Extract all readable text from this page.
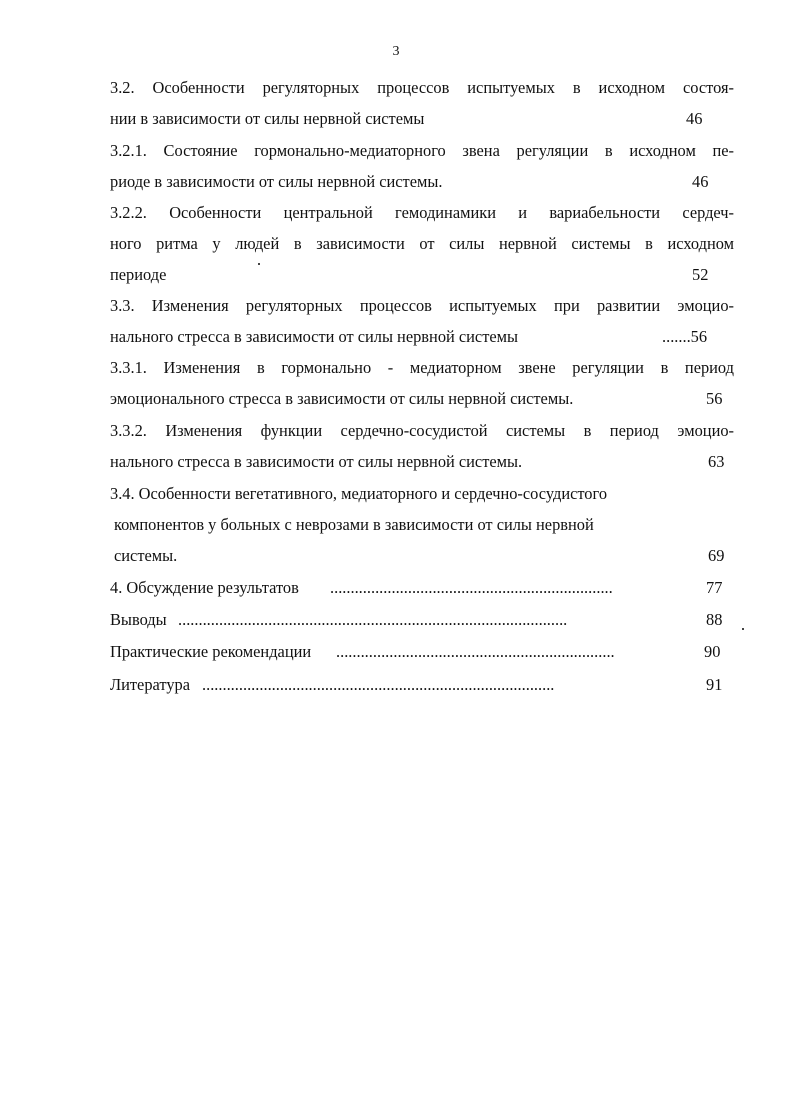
3
3.2. Особенности регуляторных процессов испытуемых в исходном состоя-
нии в зависимости от силы нервной системы	46
3.2.1. Состояние гормонально-медиаторного звена регуляции в исходном пе-
риоде в зависимости от силы нервной системы.	46
3.2.2. Особенности центральной гемодинамики и вариабельности сердеч-
ного ритма у людей в зависимости от силы нервной системы в исходном
периоде	52
3.3. Изменения регуляторных процессов испытуемых при развитии эмоцио-
нального стресса в зависимости от силы нервной системы	.......56
3.3.1. Изменения в гормонально - медиаторном звене регуляции в период
эмоционального стресса в зависимости от силы нервной системы.	56
3.3.2. Изменения функции сердечно-сосудистой системы в период эмоцио-
нального стресса в зависимости от силы нервной системы.	63
3.4. Особенности вегетативного, медиаторного и сердечно-сосудистого
компонентов у больных с неврозами в зависимости от силы нервной
системы.	69
4. Обсуждение результатов .....................................................................	77
Выводы ...............................................................................................	88
Практические рекомендации ....................................................................	90
Литература ......................................................................................	91
